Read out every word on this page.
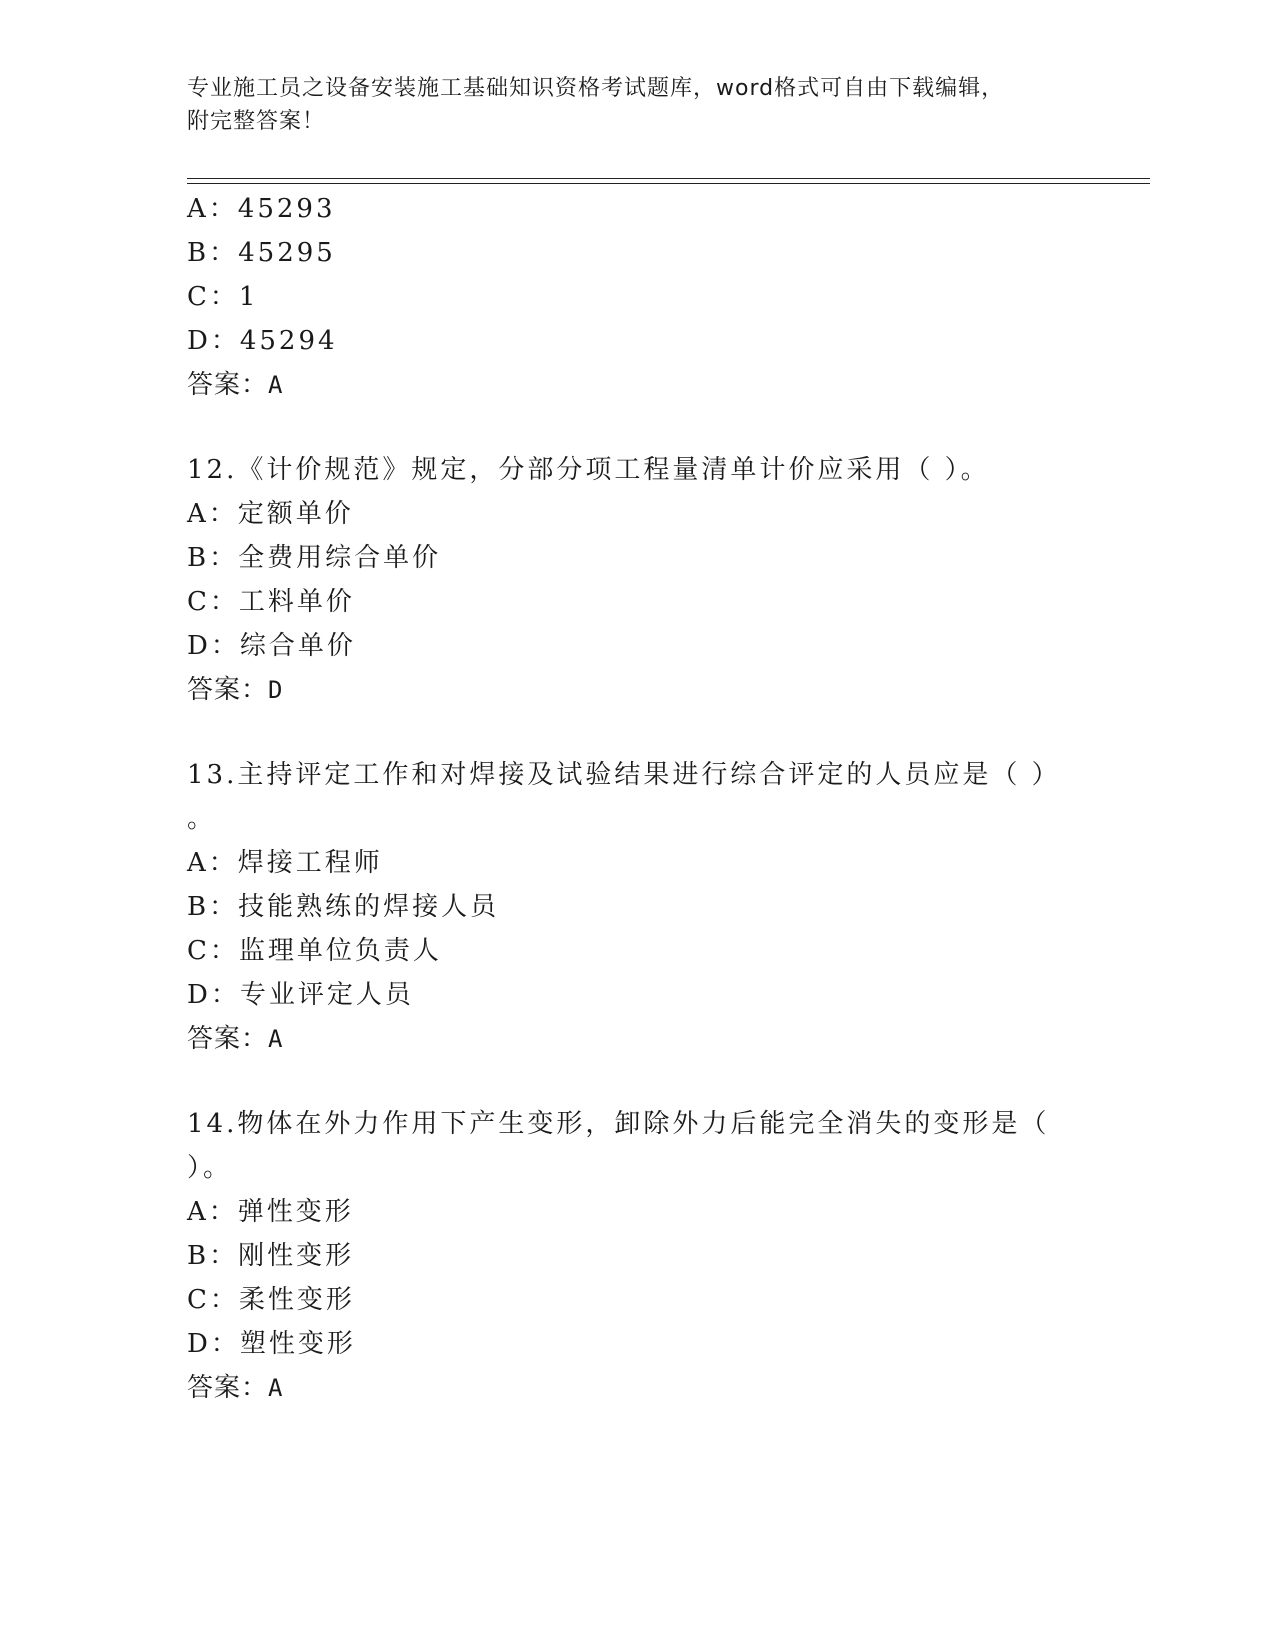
专业施工员之设备安装施工基础知识资格考试题库，word格式可自由下载编辑，
附完整答案！
A：45293
B：45295
C：1
D：45294
答案：A
12.《计价规范》规定，分部分项工程量清单计价应采用（ ）。
A：定额单价
B：全费用综合单价
C：工料单价
D：综合单价
答案：D
13.主持评定工作和对焊接及试验结果进行综合评定的人员应是（ ）
。
A：焊接工程师
B：技能熟练的焊接人员
C：监理单位负责人
D：专业评定人员
答案：A
14.物体在外力作用下产生变形，卸除外力后能完全消失的变形是（
）。
A：弹性变形
B：刚性变形
C：柔性变形
D：塑性变形
答案：A
